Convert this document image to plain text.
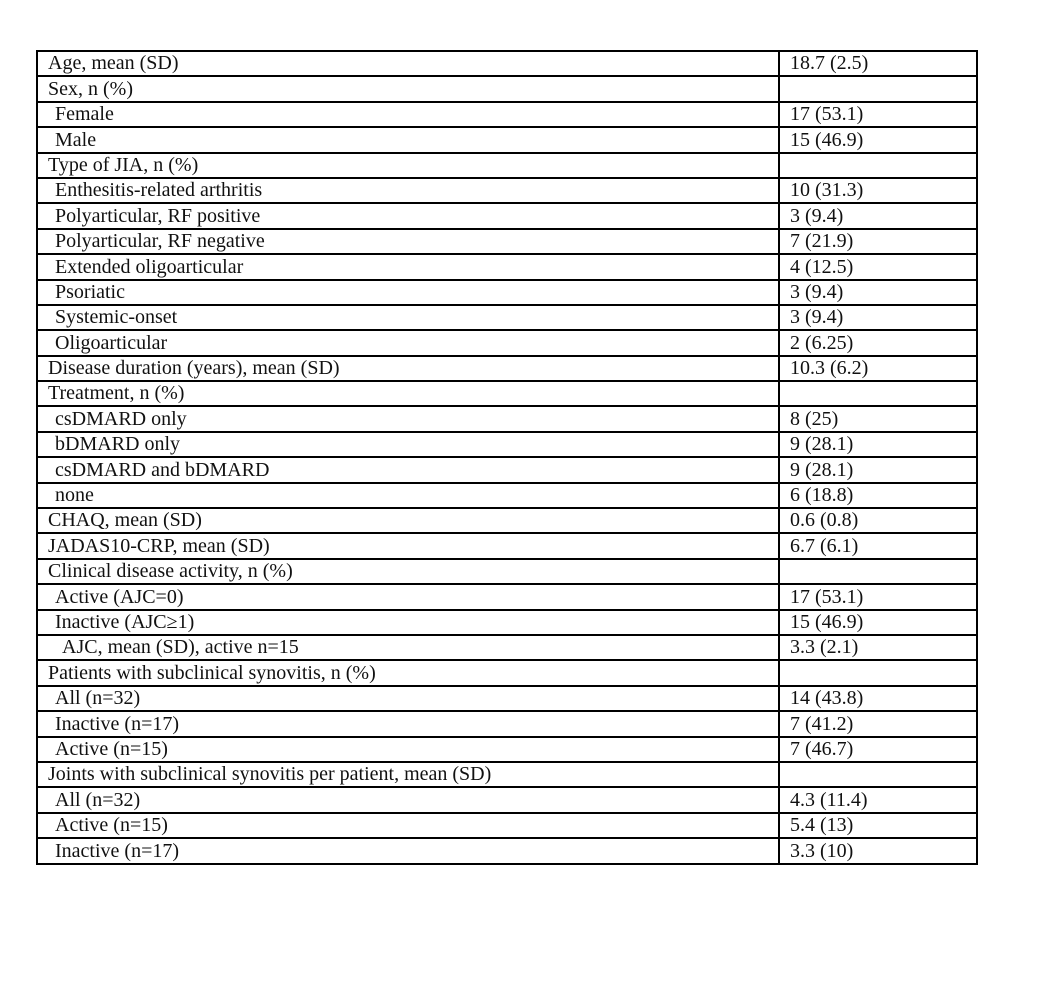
Age, mean (SD)	18.7 (2.5)
Sex, n (%)	
Female	17 (53.1)
Male	15 (46.9)
Type of JIA, n (%)	
Enthesitis-related arthritis	10 (31.3)
Polyarticular, RF positive	3 (9.4)
Polyarticular, RF negative	7 (21.9)
Extended oligoarticular	4 (12.5)
Psoriatic	3 (9.4)
Systemic-onset	3 (9.4)
Oligoarticular	2 (6.25)
Disease duration (years), mean (SD)	10.3 (6.2)
Treatment, n (%)	
csDMARD only	8 (25)
bDMARD only	9 (28.1)
csDMARD and bDMARD	9 (28.1)
none	6 (18.8)
CHAQ, mean (SD)	0.6 (0.8)
JADAS10-CRP, mean (SD)	6.7 (6.1)
Clinical disease activity, n (%)	
Active (AJC=0)	17 (53.1)
Inactive (AJC≥1)	15 (46.9)
AJC, mean (SD), active n=15	3.3 (2.1)
Patients with subclinical synovitis, n (%)	
All (n=32)	14 (43.8)
Inactive (n=17)	7 (41.2)
Active (n=15)	7 (46.7)
Joints with subclinical synovitis per patient, mean (SD)	
All (n=32)	4.3 (11.4)
Active (n=15)	5.4 (13)
Inactive (n=17)	3.3 (10)
